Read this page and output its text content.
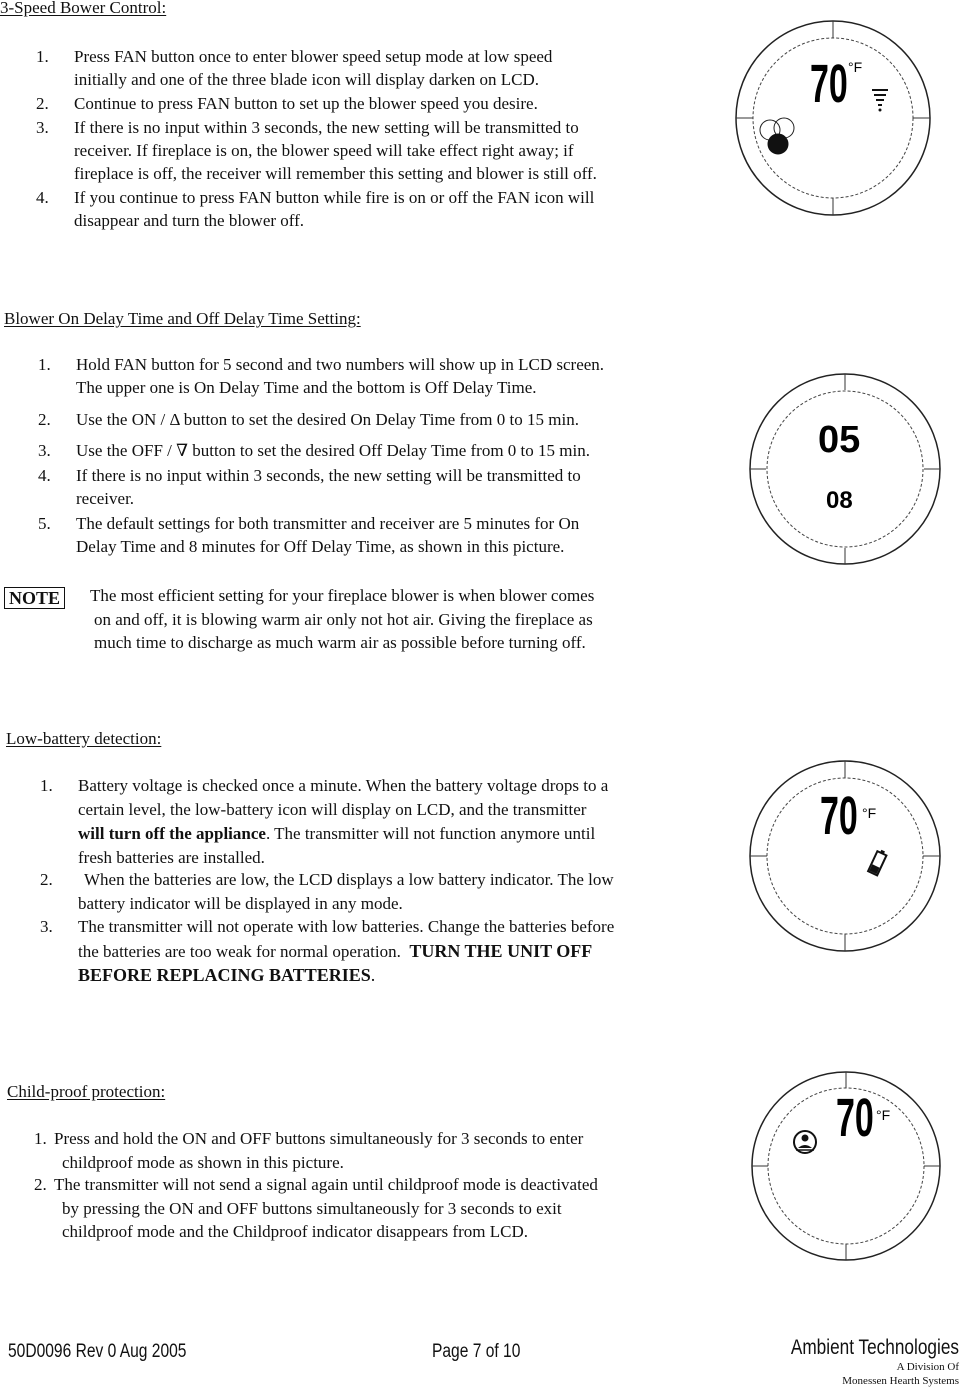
3-Speed Bower Control:
1. Press FAN button once to enter blower speed setup mode at low speed
initially and one of the three blade icon will display darken on LCD.
2. Continue to press FAN button to set up the blower speed you desire.
3. If there is no input within 3 seconds, the new setting will be transmitted to
receiver. If fireplace is on, the blower speed will take effect right away; if
fireplace is off, the receiver will remember this setting and blower is still off.
4. If you continue to press FAN button while fire is on or off the FAN icon will
disappear and turn the blower off.
70 °F
Blower On Delay Time and Off Delay Time Setting:
1. Hold FAN button for 5 second and two numbers will show up in LCD screen.
The upper one is On Delay Time and the bottom is Off Delay Time.
2. Use the ON / Δ button to set the desired On Delay Time from 0 to 15 min.
3. Use the OFF / ∇ button to set the desired Off Delay Time from 0 to 15 min.
4. If there is no input within 3 seconds, the new setting will be transmitted to
receiver.
5. The default settings for both transmitter and receiver are 5 minutes for On
Delay Time and 8 minutes for Off Delay Time, as shown in this picture.
NOTE The most efficient setting for your fireplace blower is when blower comes
on and off, it is blowing warm air only not hot air. Giving the fireplace as
much time to discharge as much warm air as possible before turning off.
05
08
Low-battery detection:
1. Battery voltage is checked once a minute. When the battery voltage drops to a
certain level, the low-battery icon will display on LCD, and the transmitter
will turn off the appliance. The transmitter will not function anymore until
fresh batteries are installed.
2. When the batteries are low, the LCD displays a low battery indicator. The low
battery indicator will be displayed in any mode.
3. The transmitter will not operate with low batteries. Change the batteries before
the batteries are too weak for normal operation. TURN THE UNIT OFF
BEFORE REPLACING BATTERIES.
70 °F
Child-proof protection:
1. Press and hold the ON and OFF buttons simultaneously for 3 seconds to enter
childproof mode as shown in this picture.
2. The transmitter will not send a signal again until childproof mode is deactivated
by pressing the ON and OFF buttons simultaneously for 3 seconds to exit
childproof mode and the Childproof indicator disappears from LCD.
70 °F
50D0096 Rev 0 Aug 2005	Page 7 of 10	Ambient Technologies
A Division Of
Monessen Hearth Systems
